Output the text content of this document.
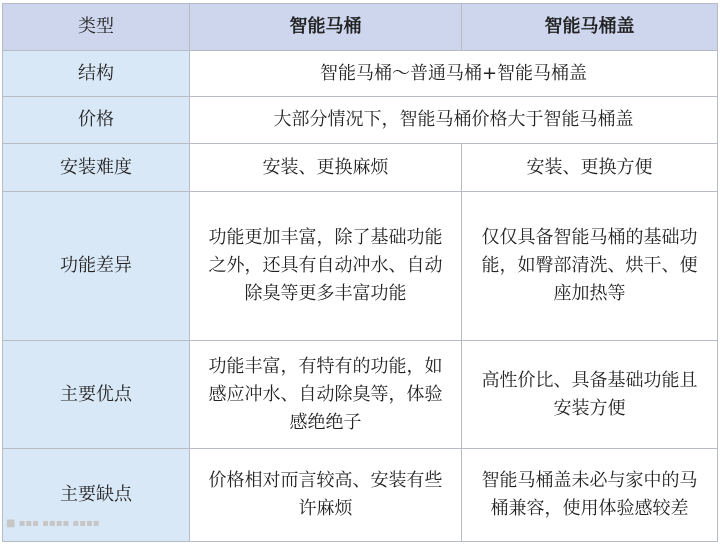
类型	智能马桶	智能马桶盖
结构	智能马桶～普通马桶+智能马桶盖	
价格	大部分情况下，智能马桶价格大于智能马桶盖	
安装难度	安装、更换麻烦	安装、更换方便
功能差异	功能更加丰富，除了基础功能之外，还具有自动冲水、自动除臭等更多丰富功能	仅仅具备智能马桶的基础功能，如臀部清洗、烘干、便座加热等
主要优点	功能丰富，有特有的功能，如感应冲水、自动除臭等，体验感绝绝子	高性价比、具备基础功能且安装方便
主要缺点	价格相对而言较高、安装有些许麻烦	智能马桶盖未必与家中的马桶兼容，使用体验感较差
■ ▪▪▪ ▪▪▪▪ ▪▪▪▪
